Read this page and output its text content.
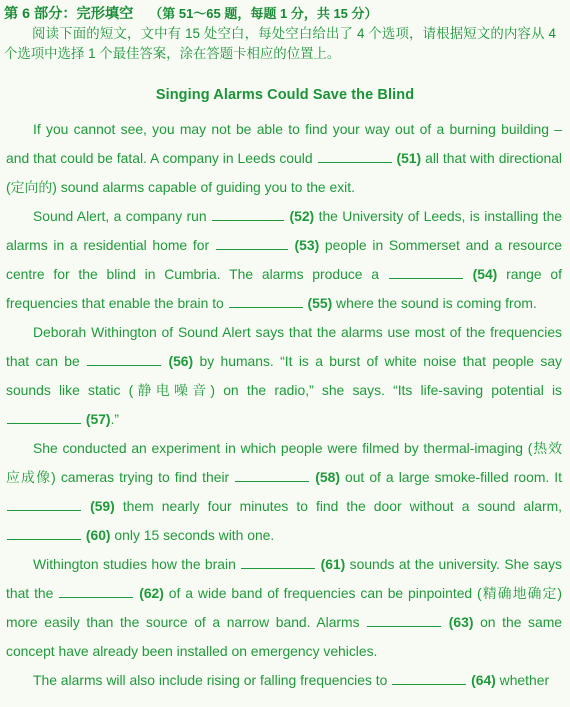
第 6 部分：完形填空 （第 51～65 题，每题 1 分，共 15 分）
阅读下面的短文，文中有 15 处空白，每处空白给出了 4 个选项，请根据短文的内容从 4 个选项中选择 1 个最佳答案，涂在答题卡相应的位置上。
Singing Alarms Could Save the Blind
If you cannot see, you may not be able to find your way out of a burning building – and that could be fatal. A company in Leeds could	(51) all that with directional (定向的) sound alarms capable of guiding you to the exit.
Sound Alert, a company run	(52) the University of Leeds, is installing the alarms in a residential home for	(53) people in Sommerset and a resource centre for the blind in Cumbria. The alarms produce a	(54) range of frequencies that enable the brain to	(55) where the sound is coming from.
Deborah Withington of Sound Alert says that the alarms use most of the frequencies that can be	(56) by humans. “It is a burst of white noise that people say sounds like static (静电噪音) on the radio,” she says. “Its life-saving potential is  (57).”
She conducted an experiment in which people were filmed by thermal-imaging (热效应成像) cameras trying to find their	(58) out of a large smoke-filled room. It  (59) them nearly four minutes to find the door without a sound alarm,  (60) only 15 seconds with one.
Withington studies how the brain	(61) sounds at the university. She says that the	(62) of a wide band of frequencies can be pinpointed (精确地确定) more easily than the source of a narrow band. Alarms	(63) on the same concept have already been installed on emergency vehicles.
The alarms will also include rising or falling frequencies to	(64) whether
